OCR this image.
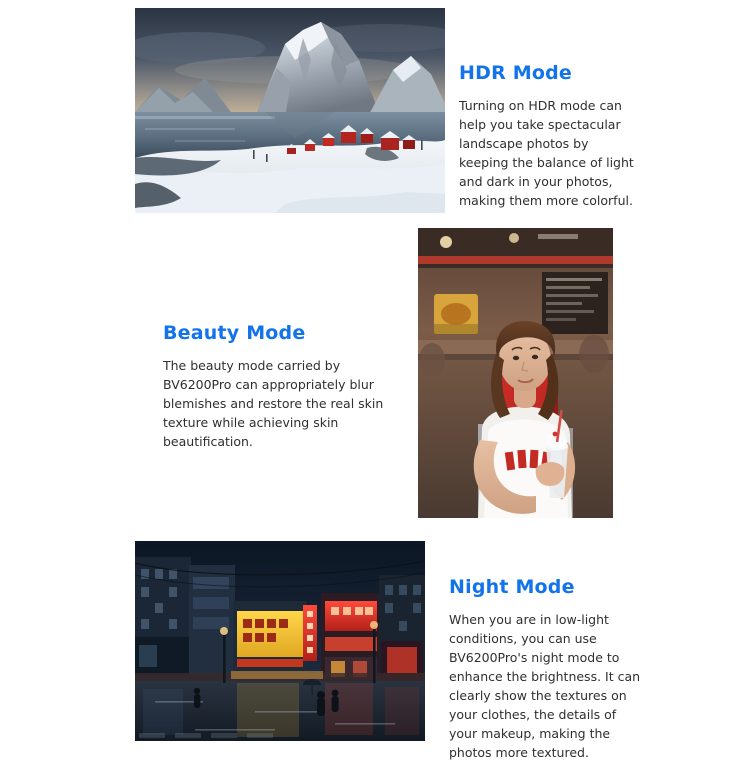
HDR Mode

Turning on HDR mode can help you take spectacular landscape photos by keeping the balance of light and dark in your photos, making them more colorful.

Beauty Mode

The beauty mode carried by BV6200Pro can appropriately blur blemishes and restore the real skin texture while achieving skin beautification.

Night Mode

When you are in low-light conditions, you can use BV6200Pro's night mode to enhance the brightness. It can clearly show the textures on your clothes, the details of your makeup, making the photos more textured.
